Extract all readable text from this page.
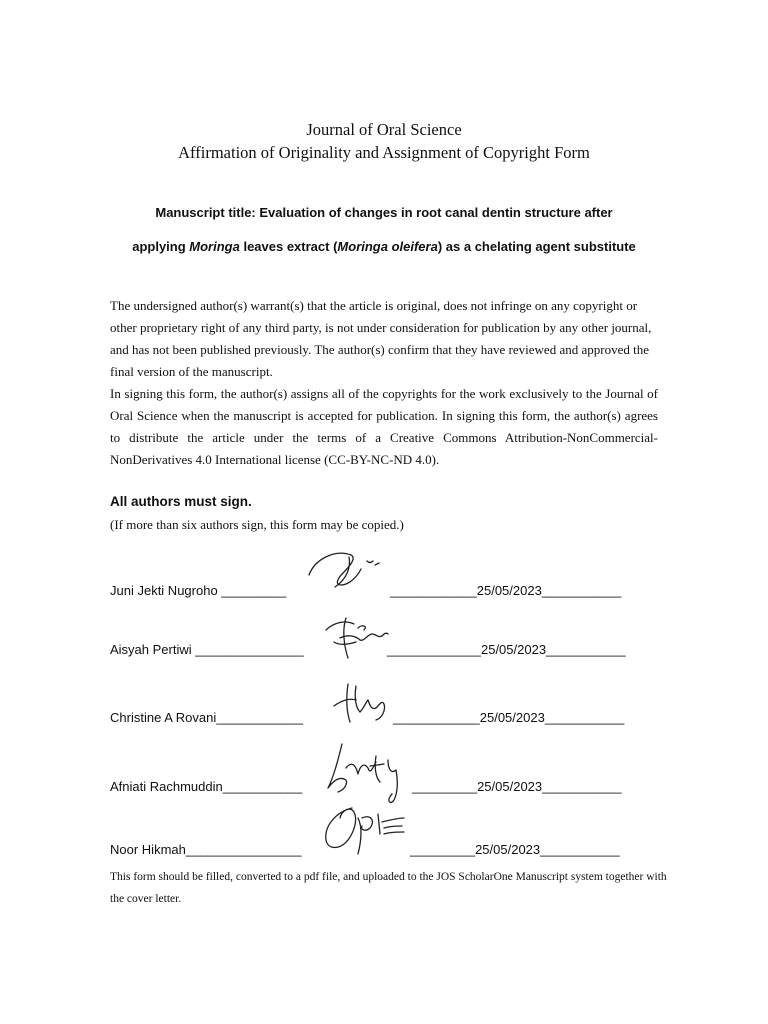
Journal of Oral Science
Affirmation of Originality and Assignment of Copyright Form
Manuscript title: Evaluation of changes in root canal dentin structure after
applying Moringa leaves extract (Moringa oleifera) as a chelating agent substitute
The undersigned author(s) warrant(s) that the article is original, does not infringe on any copyright or other proprietary right of any third party, is not under consideration for publication by any other journal, and has not been published previously. The author(s) confirm that they have reviewed and approved the final version of the manuscript.
In signing this form, the author(s) assigns all of the copyrights for the work exclusively to the Journal of Oral Science when the manuscript is accepted for publication. In signing this form, the author(s) agrees to distribute the article under the terms of a Creative Commons Attribution-NonCommercial-NonDerivatives 4.0 International license (CC-BY-NC-ND 4.0).
All authors must sign.
(If more than six authors sign, this form may be copied.)
Juni Jekti Nugroho _________	____________25/05/2023___________
Aisyah Pertiwi _______________	_____________25/05/2023___________
Christine A Rovani____________	____________25/05/2023___________
Afniati Rachmuddin___________	_________25/05/2023___________
Noor Hikmah________________	_________25/05/2023___________
This form should be filled, converted to a pdf file, and uploaded to the JOS ScholarOne Manuscript system together with the cover letter.
